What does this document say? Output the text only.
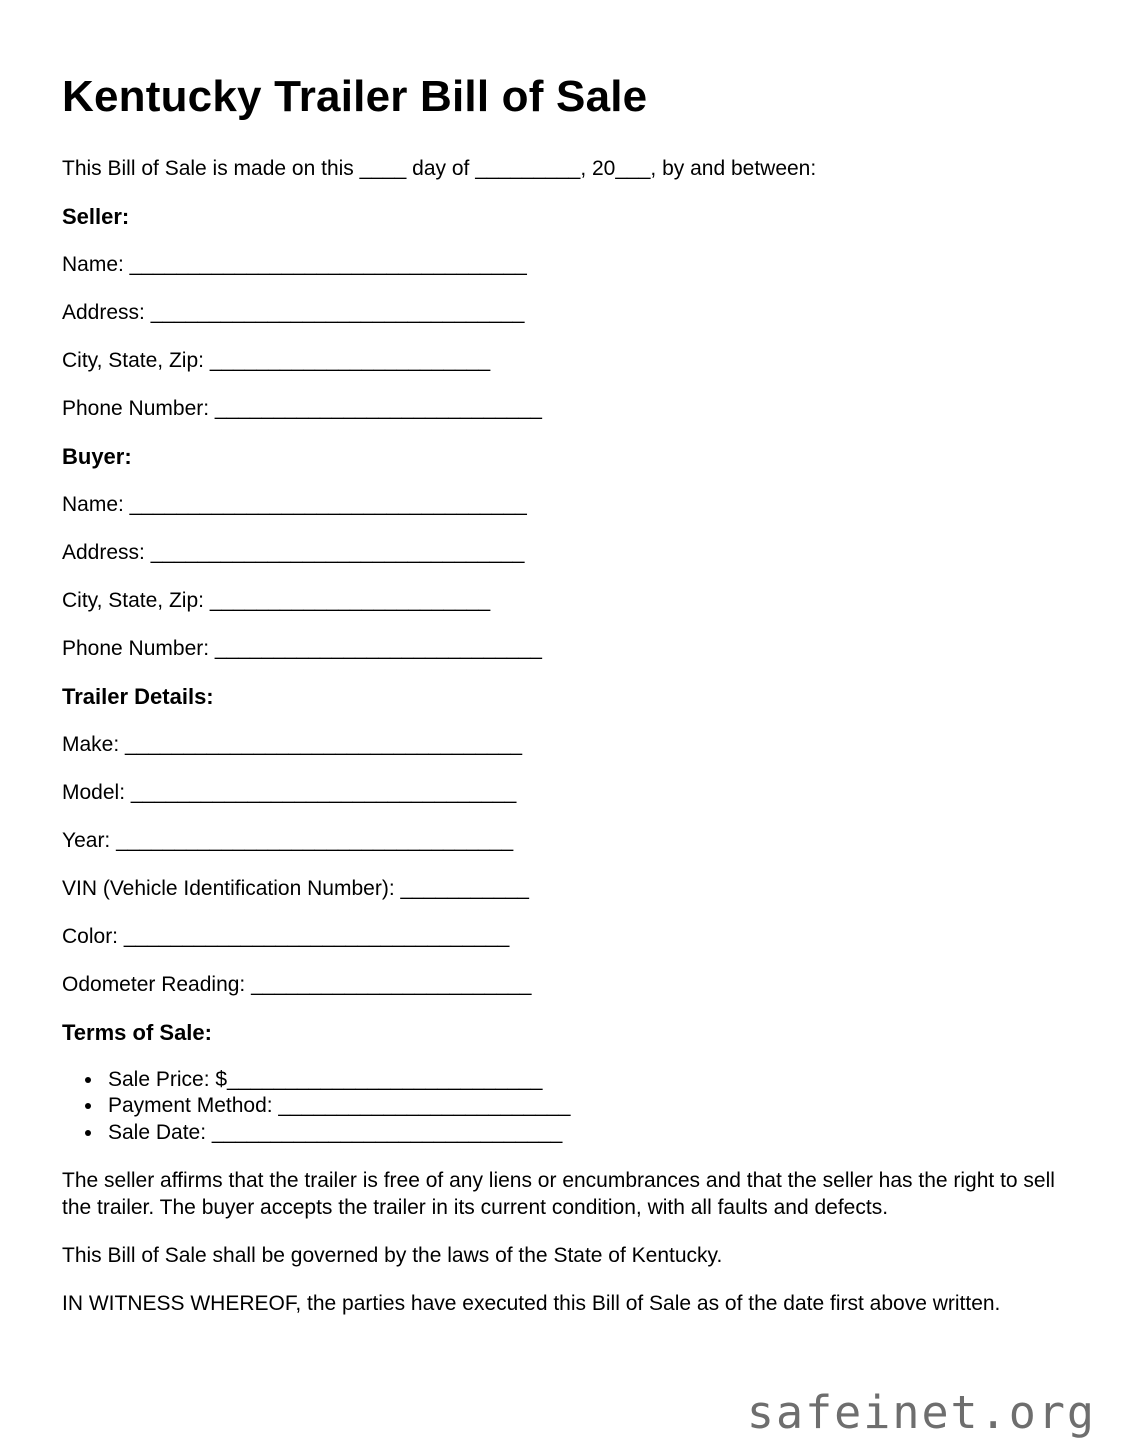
Kentucky Trailer Bill of Sale

This Bill of Sale is made on this ____ day of _________, 20___, by and between:

Seller:

Name: __________________________________

Address: ________________________________

City, State, Zip: ________________________

Phone Number: ____________________________

Buyer:

Name: __________________________________

Address: ________________________________

City, State, Zip: ________________________

Phone Number: ____________________________

Trailer Details:

Make: __________________________________

Model: _________________________________

Year: __________________________________

VIN (Vehicle Identification Number): ___________

Color: _________________________________

Odometer Reading: ________________________

Terms of Sale:
• Sale Price: $___________________________
• Payment Method: _________________________
• Sale Date: ______________________________

The seller affirms that the trailer is free of any liens or encumbrances and that the seller has the right to sell the trailer. The buyer accepts the trailer in its current condition, with all faults and defects.

This Bill of Sale shall be governed by the laws of the State of Kentucky.

IN WITNESS WHEREOF, the parties have executed this Bill of Sale as of the date first above written.

safeinet.org
